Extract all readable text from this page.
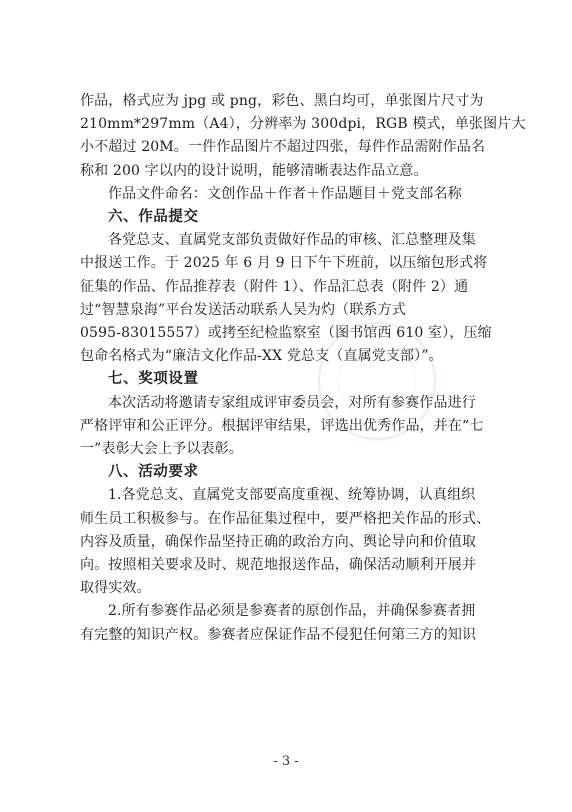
作品，格式应为 jpg 或 png，彩色、黑白均可，单张图片尺寸为
210mm*297mm（A4），分辨率为 300dpi，RGB 模式，单张图片大
小不超过 20M。一件作品图片不超过四张，每件作品需附作品名
称和 200 字以内的设计说明，能够清晰表达作品立意。
作品文件命名：文创作品＋作者＋作品题目＋党支部名称
六、作品提交
各党总支、直属党支部负责做好作品的审核、汇总整理及集
中报送工作。于 2025 年 6 月 9 日下午下班前，以压缩包形式将
征集的作品、作品推荐表（附件 1）、作品汇总表（附件 2）通
过“智慧泉海”平台发送活动联系人吴为灼（联系方式
0595-83015557）或拷至纪检监察室（图书馆西 610 室），压缩
包命名格式为“廉洁文化作品-XX 党总支（直属党支部）”。
七、奖项设置
本次活动将邀请专家组成评审委员会，对所有参赛作品进行
严格评审和公正评分。根据评审结果，评选出优秀作品，并在“七
一”表彰大会上予以表彰。
八、活动要求
1.各党总支、直属党支部要高度重视、统筹协调，认真组织
师生员工积极参与。在作品征集过程中，要严格把关作品的形式、
内容及质量，确保作品坚持正确的政治方向、舆论导向和价值取
向。按照相关要求及时、规范地报送作品，确保活动顺利开展并
取得实效。
2.所有参赛作品必须是参赛者的原创作品，并确保参赛者拥
有完整的知识产权。参赛者应保证作品不侵犯任何第三方的知识
- 3 -
